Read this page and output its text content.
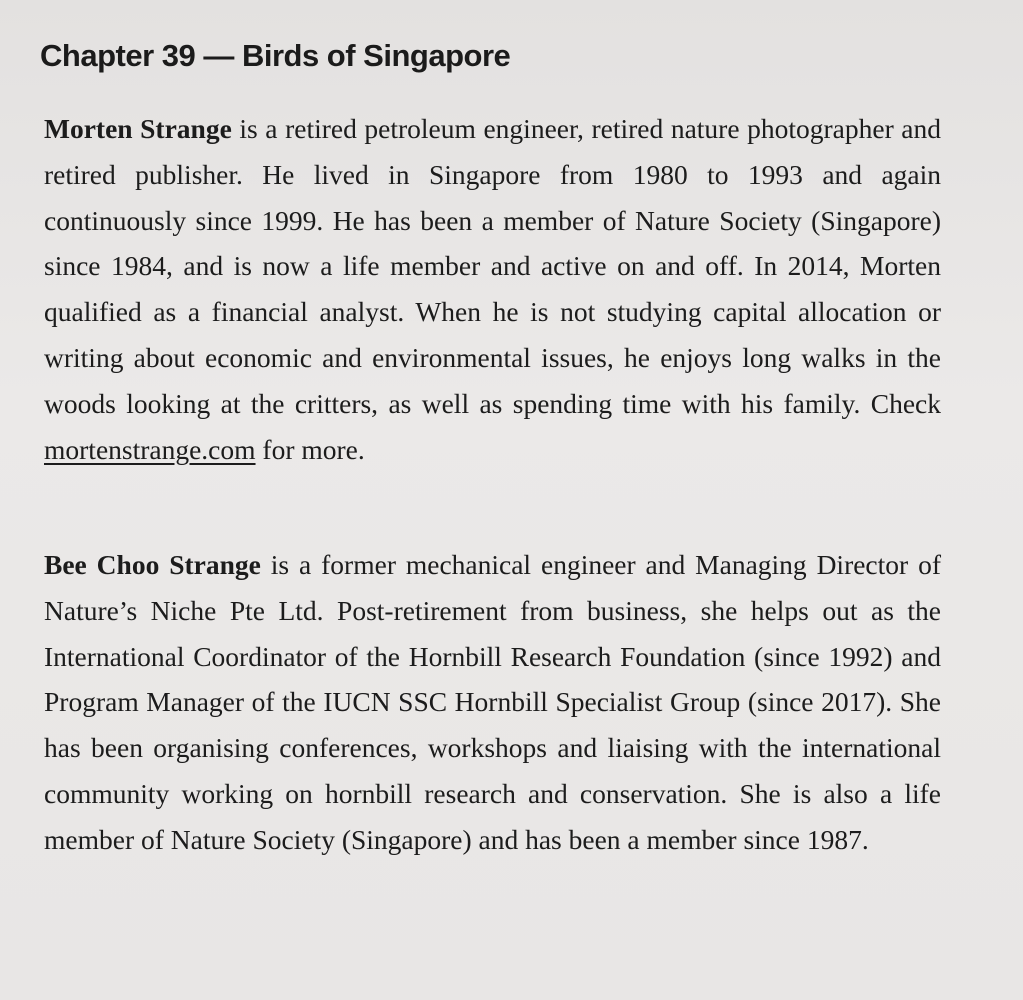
Chapter 39 — Birds of Singapore

Morten Strange is a retired petroleum engineer, retired nature photographer and retired publisher. He lived in Singapore from 1980 to 1993 and again continuously since 1999. He has been a member of Nature Society (Singapore) since 1984, and is now a life member and active on and off. In 2014, Morten qualified as a financial analyst. When he is not studying capital allocation or writing about economic and environmental issues, he enjoys long walks in the woods looking at the critters, as well as spending time with his family. Check mortenstrange.com for more.

Bee Choo Strange is a former mechanical engineer and Managing Director of Nature’s Niche Pte Ltd. Post-retirement from business, she helps out as the International Coordinator of the Hornbill Research Foundation (since 1992) and Program Manager of the IUCN SSC Hornbill Specialist Group (since 2017). She has been organising conferences, workshops and liaising with the international community working on hornbill research and conservation. She is also a life member of Nature Society (Singapore) and has been a member since 1987.
